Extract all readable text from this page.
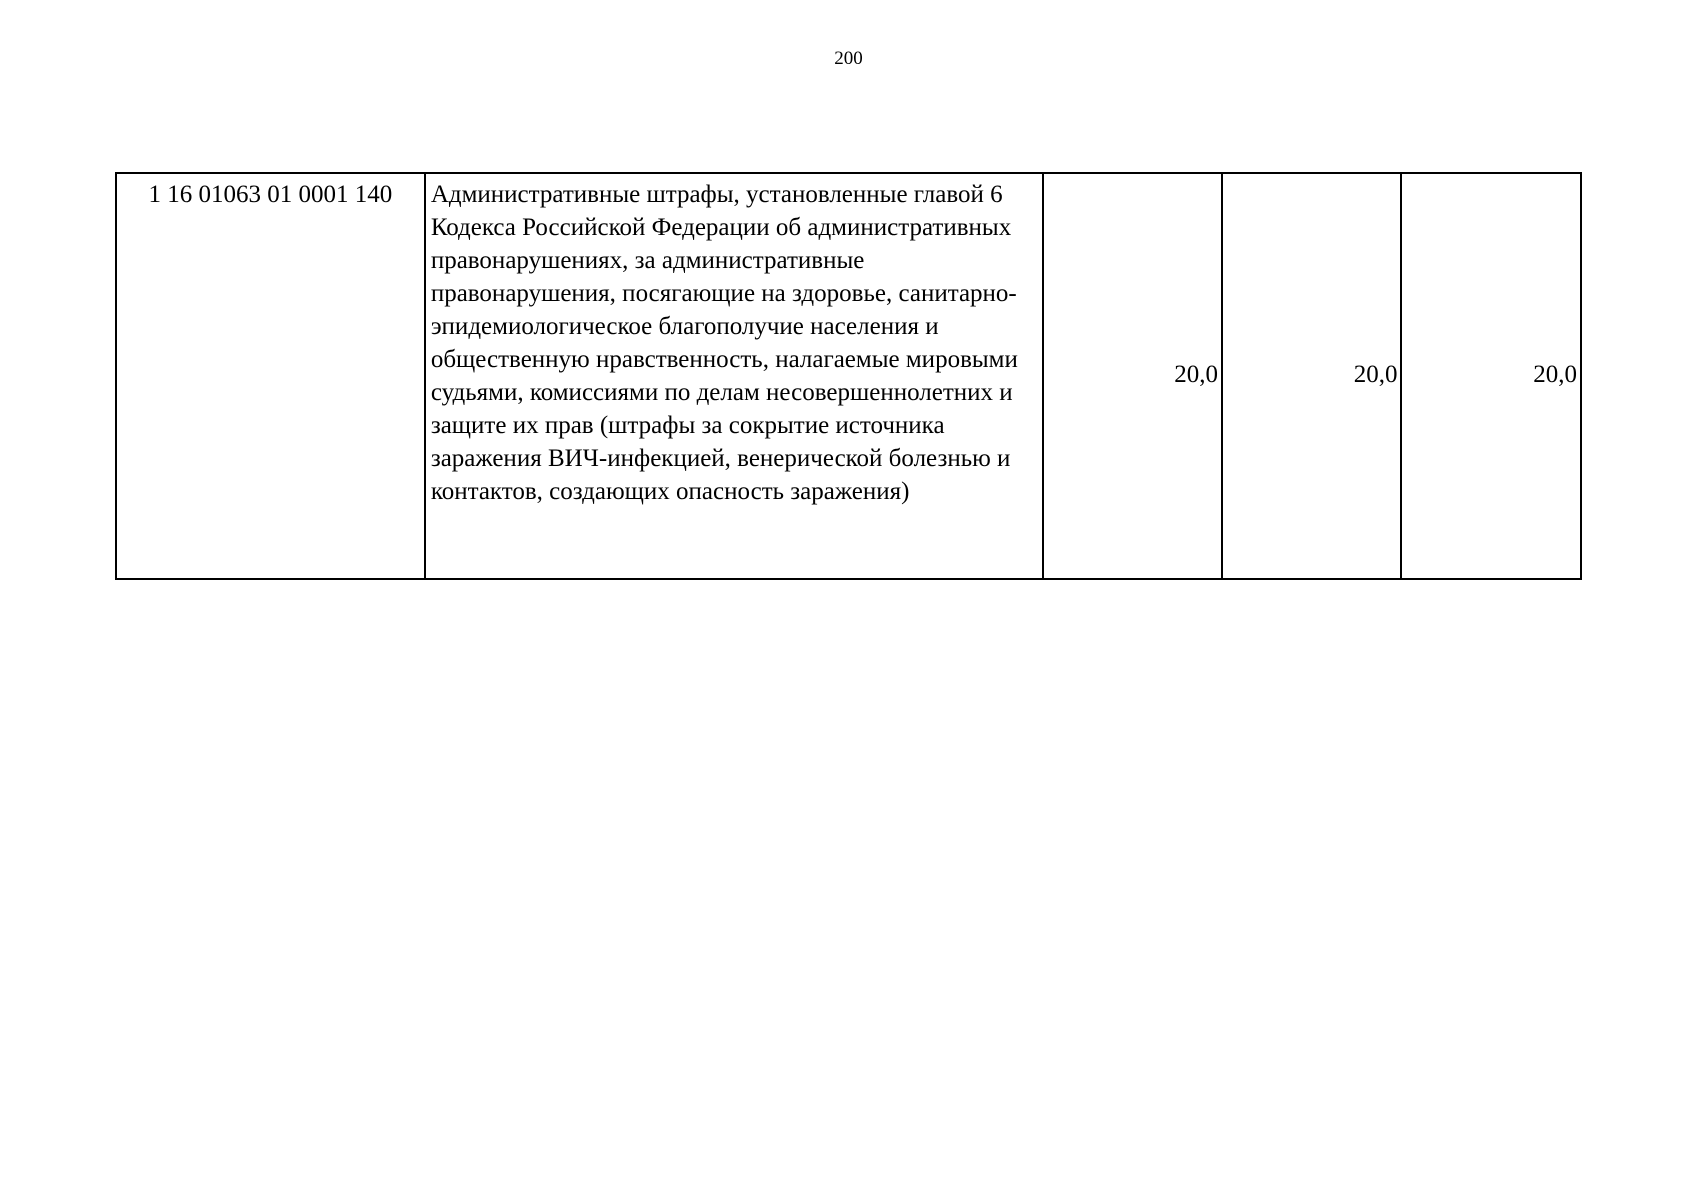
200
1 16 01063 01 0001 140	Административные штрафы, установленные главой 6 Кодекса Российской Федерации об административных правонарушениях, за административные правонарушения, посягающие на здоровье, санитарно-эпидемиологическое благополучие населения и общественную нравственность, налагаемые мировыми судьями, комиссиями по делам несовершеннолетних и защите их прав (штрафы за сокрытие источника заражения ВИЧ-инфекцией, венерической болезнью и контактов, создающих опасность заражения)	20,0	20,0	20,0
